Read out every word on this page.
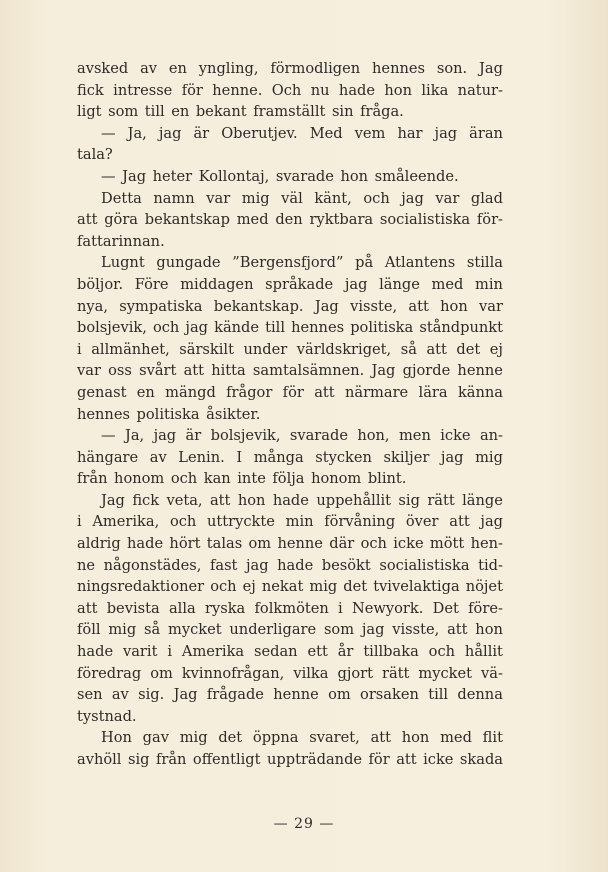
avsked av en yngling, förmodligen hennes son. Jag
fick intresse för henne. Och nu hade hon lika natur-
ligt som till en bekant framställt sin fråga.
— Ja, jag är Oberutjev. Med vem har jag äran
tala?
— Jag heter Kollontaj, svarade hon småleende.
Detta namn var mig väl känt, och jag var glad
att göra bekantskap med den ryktbara socialistiska för-
fattarinnan.
Lugnt gungade ”Bergensfjord” på Atlantens stilla
böljor. Före middagen språkade jag länge med min
nya, sympatiska bekantskap. Jag visste, att hon var
bolsjevik, och jag kände till hennes politiska ståndpunkt
i allmänhet, särskilt under världskriget, så att det ej
var oss svårt att hitta samtalsämnen. Jag gjorde henne
genast en mängd frågor för att närmare lära känna
hennes politiska åsikter.
— Ja, jag är bolsjevik, svarade hon, men icke an-
hängare av Lenin. I många stycken skiljer jag mig
från honom och kan inte följa honom blint.
Jag fick veta, att hon hade uppehållit sig rätt länge
i Amerika, och uttryckte min förvåning över att jag
aldrig hade hört talas om henne där och icke mött hen-
ne någonstädes, fast jag hade besökt socialistiska tid-
ningsredaktioner och ej nekat mig det tvivelaktiga nöjet
att bevista alla ryska folkmöten i Newyork. Det före-
föll mig så mycket underligare som jag visste, att hon
hade varit i Amerika sedan ett år tillbaka och hållit
föredrag om kvinnofrågan, vilka gjort rätt mycket vä-
sen av sig. Jag frågade henne om orsaken till denna
tystnad.
Hon gav mig det öppna svaret, att hon med flit
avhöll sig från offentligt uppträdande för att icke skada
— 29 —
